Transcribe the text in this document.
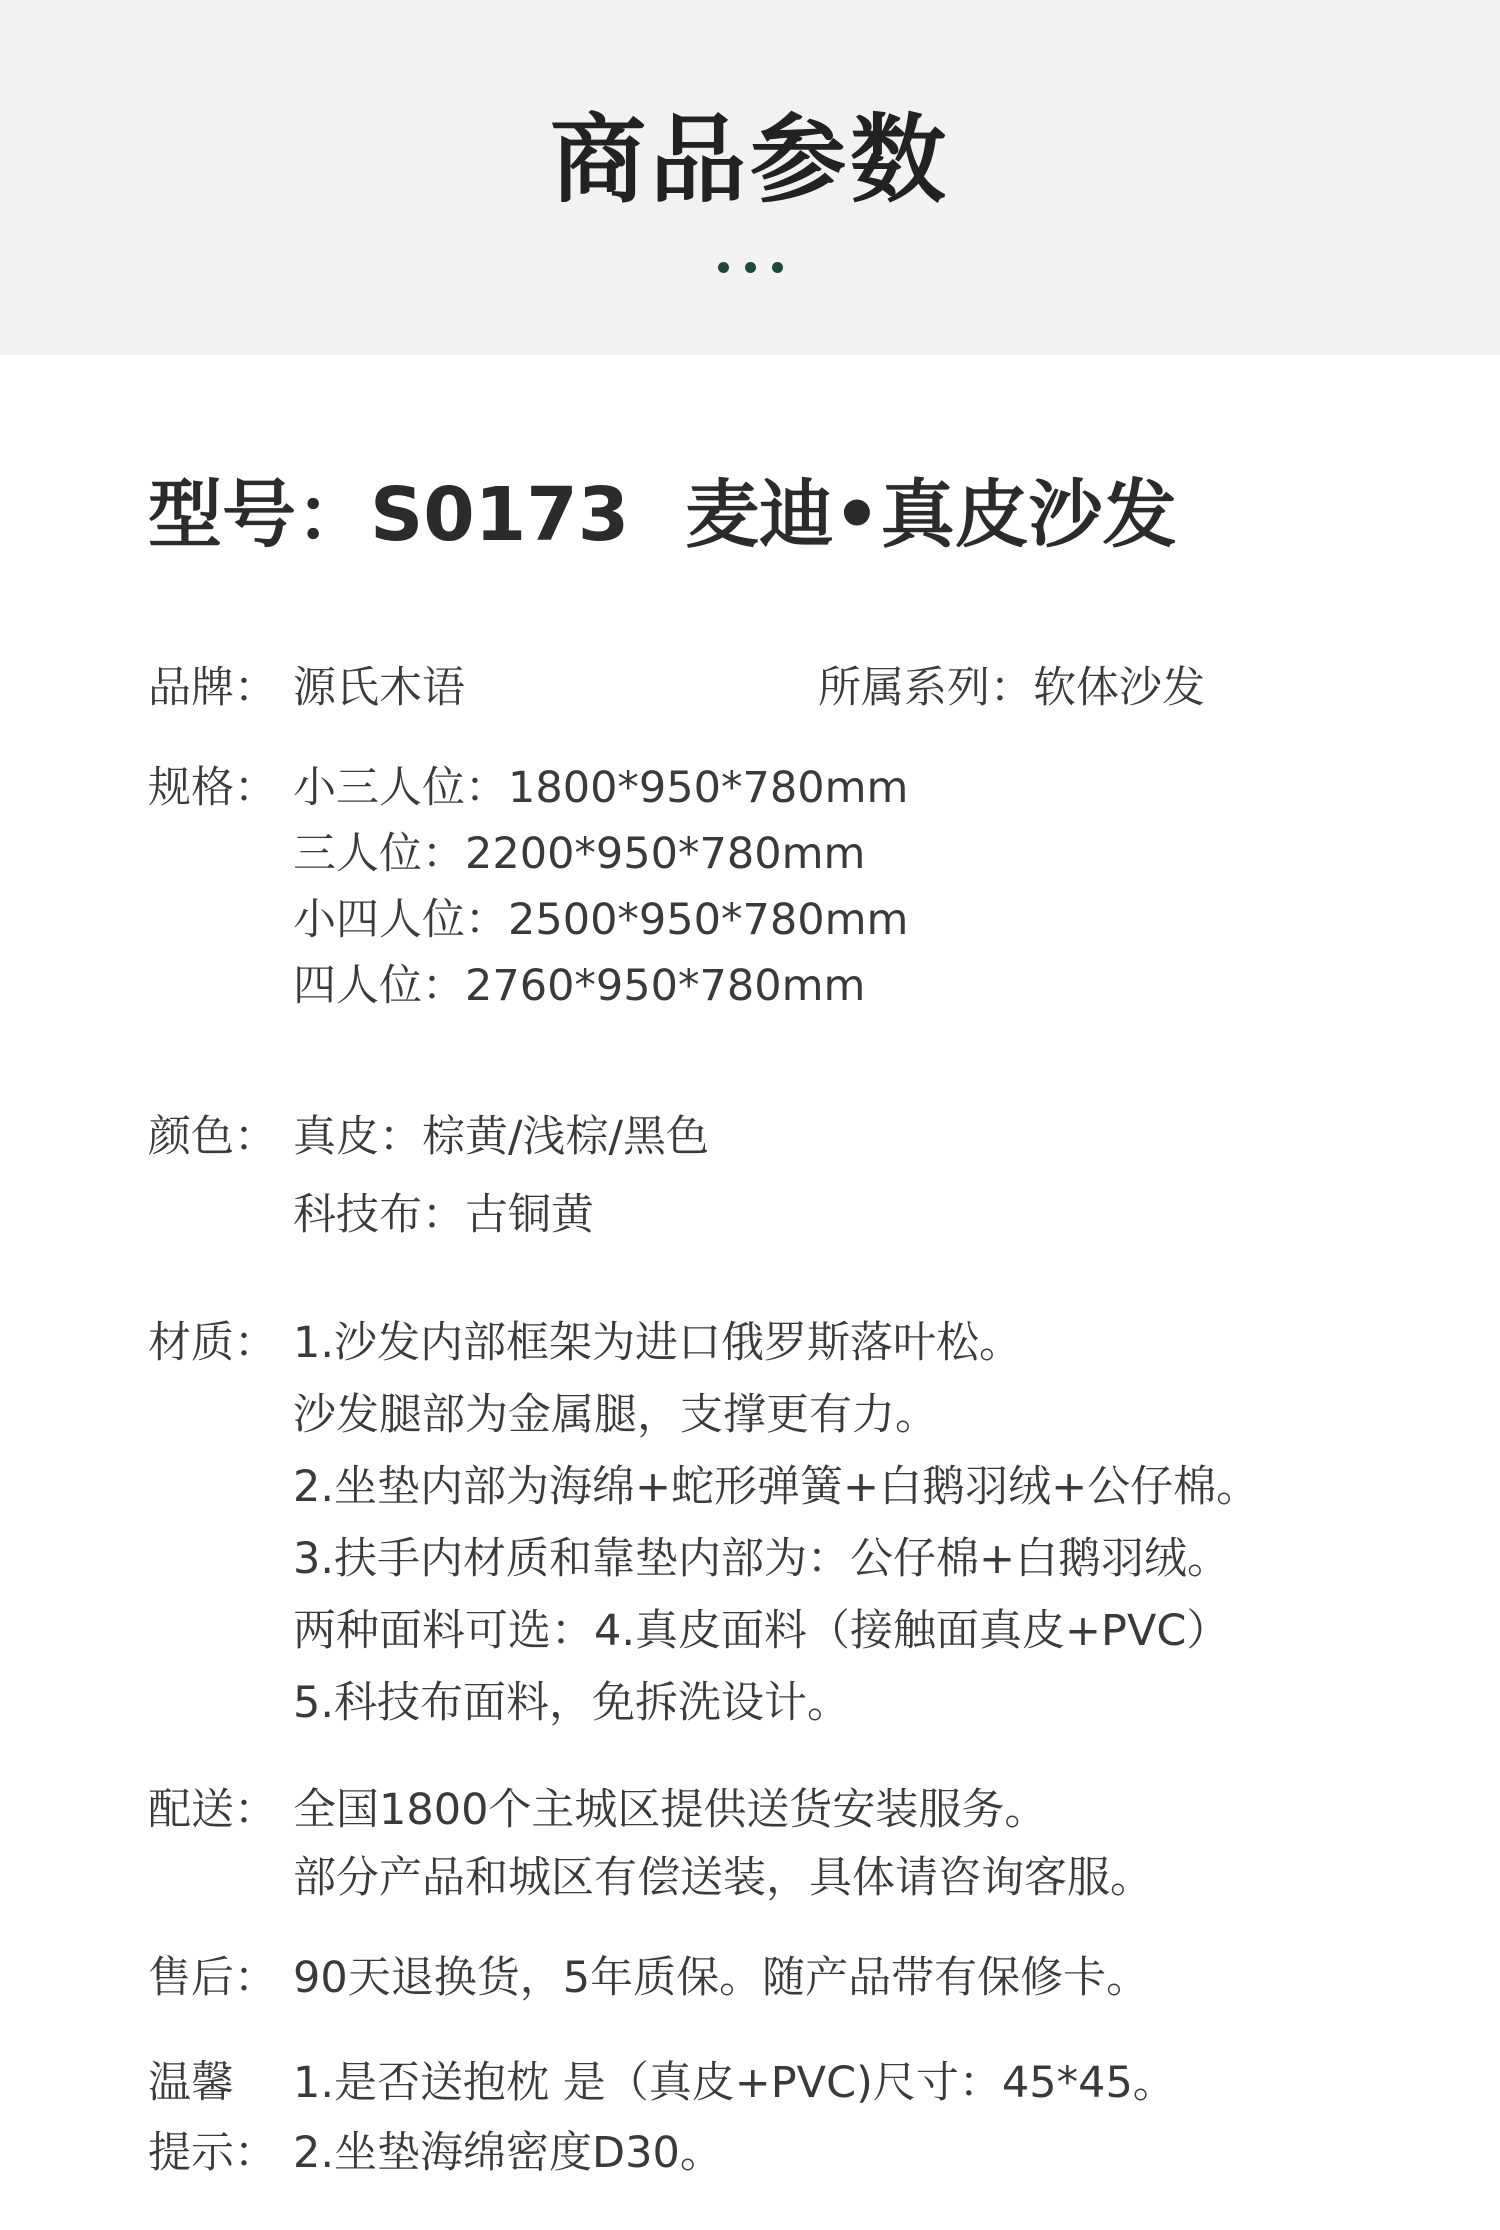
商品参数
型号：S0173 麦迪•真皮沙发
品牌： 源氏木语	所属系列：软体沙发
规格： 小三人位：1800*950*780mm
三人位：2200*950*780mm
小四人位：2500*950*780mm
四人位：2760*950*780mm
颜色： 真皮：棕黄/浅棕/黑色
科技布：古铜黄
材质： 1.沙发内部框架为进口俄罗斯落叶松。
沙发腿部为金属腿，支撑更有力。
2.坐垫内部为海绵+蛇形弹簧+白鹅羽绒+公仔棉。
3.扶手内材质和靠垫内部为：公仔棉+白鹅羽绒。
两种面料可选：4.真皮面料（接触面真皮+PVC）
5.科技布面料，免拆洗设计。
配送： 全国1800个主城区提供送货安装服务。
部分产品和城区有偿送装，具体请咨询客服。
售后： 90天退换货，5年质保。随产品带有保修卡。
温馨
提示：
1.是否送抱枕 是（真皮+PVC)尺寸：45*45。
2.坐垫海绵密度D30。
